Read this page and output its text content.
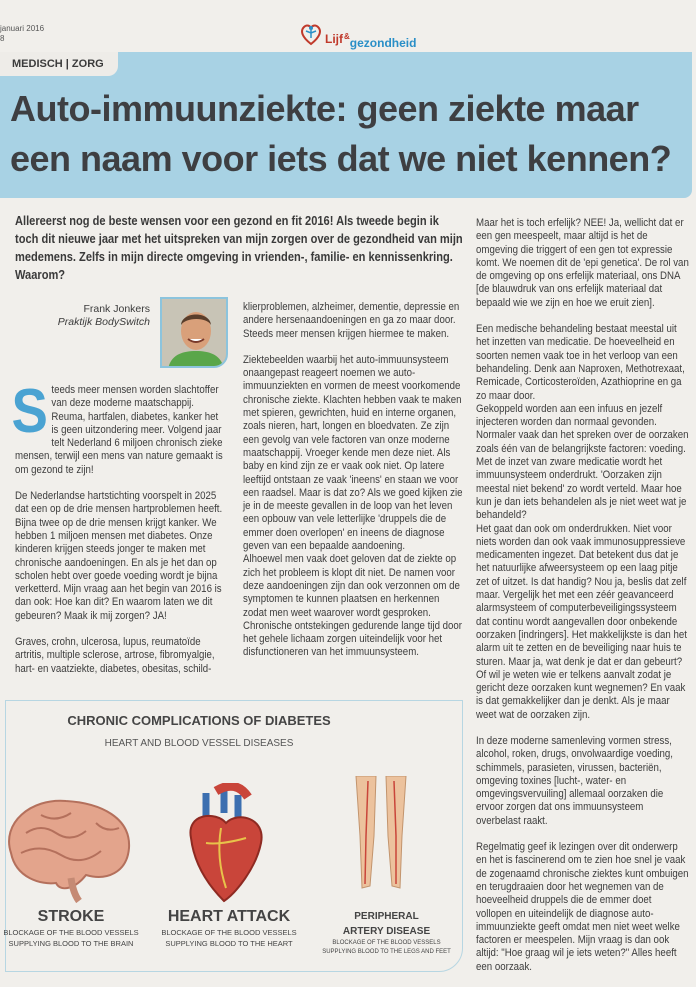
januari 2016
8	Lijf &gezondheid
MEDISCH | ZORG
Auto-immuunziekte: geen ziekte maar een naam voor iets dat we niet kennen?
Allereerst nog de beste wensen voor een gezond en fit 2016! Als tweede begin ik toch dit nieuwe jaar met het uitspreken van mijn zorgen over de gezondheid van mijn medemens. Zelfs in mijn directe omgeving in vrienden-, familie- en kennissenkring. Waarom?
Frank Jonkers
Praktijk BodySwitch

Steeds meer mensen worden slachtoffer van deze moderne maatschappij. Reuma, hartfalen, diabetes, kanker het is geen uitzondering meer. Volgend jaar telt Nederland 6 miljoen chronisch zieke mensen, terwijl een mens van nature gemaakt is om gezond te zijn!

De Nederlandse hartstichting voorspelt in 2025 dat een op de drie mensen hartproblemen heeft. Bijna twee op de drie mensen krijgt kanker. We hebben 1 miljoen mensen met diabetes. Onze kinderen krijgen steeds jonger te maken met chronische aandoeningen. En als je het dan op scholen hebt over goede voeding wordt je bijna verketterd. Mijn vraag aan het begin van 2016 is dan ook: Hoe kan dit? En waarom laten we dit gebeuren? Maak ik mij zorgen? JA!

Graves, crohn, ulcerosa, lupus, reumatoïde artritis, multiple sclerose, artrose, fibromyalgie, hart- en vaatziekte, diabetes, obesitas, schild-

klierproblemen, alzheimer, dementie, depressie en andere hersenaandoeningen en ga zo maar door. Steeds meer mensen krijgen hiermee te maken.

Ziektebeelden waarbij het auto-immuunsysteem onaangepast reageert noemen we auto-immuunziekten en vormen de meest voorkomende chronische ziekte. Klachten hebben vaak te maken met spieren, gewrichten, huid en interne organen, zoals nieren, hart, longen en bloedvaten. Ze zijn een gevolg van vele factoren van onze moderne maatschappij. Vroeger kende men deze niet. Als baby en kind zijn ze er vaak ook niet. Op latere leeftijd ontstaan ze vaak 'ineens' en staan we voor een raadsel. Maar is dat zo? Als we goed kijken zie je in de meeste gevallen in de loop van het leven een opbouw van vele letterlijke 'druppels die de emmer doen overlopen' en ineens de diagnose geven van een bepaalde aandoening.

Alhoewel men vaak doet geloven dat de ziekte op zich het probleem is klopt dit niet. De namen voor deze aandoeningen zijn dan ook verzonnen om de symptomen te kunnen plaatsen en herkennen zodat men weet waarover wordt gesproken. Chronische ontstekingen gedurende lange tijd door het gehele lichaam zorgen uiteindelijk voor het disfunctioneren van het immuunsysteem.

Maar het is toch erfelijk? NEE! Ja, wellicht dat er een gen meespeelt, maar altijd is het de omgeving die triggert of een gen tot expressie komt. We noemen dit de 'epi genetica'. De rol van de omgeving op ons erfelijk materiaal, ons DNA [de blauwdruk van ons erfelijk materiaal dat bepaald wie we zijn en hoe we eruit zien].

Een medische behandeling bestaat meestal uit het inzetten van medicatie. De hoeveelheid en soorten nemen vaak toe in het verloop van een behandeling. Denk aan Naproxen, Methotrexaat, Remicade, Corticosteroïden, Azathioprine en ga zo maar door.

Gekoppeld worden aan een infuus en jezelf injecteren worden dan normaal gevonden. Normaler vaak dan het spreken over de oorzaken zoals één van de belangrijkste factoren: voeding. Met de inzet van zware medicatie wordt het immuunsysteem onderdrukt. 'Oorzaken zijn meestal niet bekend' zo wordt verteld. Maar hoe kun je dan iets behandelen als je niet weet wat je behandeld?

Het gaat dan ook om onderdrukken. Niet voor niets worden dan ook vaak immunosuppressieve medicamenten ingezet. Dat betekent dus dat je het natuurlijke afweersysteem op een laag pitje zet of uitzet. Is dat handig? Nou ja, beslis dat zelf maar. Vergelijk het met een zéér geavanceerd alarmsysteem of computerbeveiligingssysteem dat continu wordt aangevallen door onbekende oorzaken [indringers]. Het makkelijkste is dan het alarm uit te zetten en de beveiliging naar huis te sturen. Maar ja, wat denk je dat er dan gebeurt?

Of wil je weten wie er telkens aanvalt zodat je gericht deze oorzaken kunt wegnemen? En vaak is dat gemakkelijker dan je denkt. Als je maar weet wat de oorzaken zijn.

In deze moderne samenleving vormen stress, alcohol, roken, drugs, onvolwaardige voeding, schimmels, parasieten, virussen, bacteriën, omgeving toxines [lucht-, water- en omgevingsvervuiling] allemaal oorzaken die ervoor zorgen dat ons immuunsysteem overbelast raakt.

Regelmatig geef ik lezingen over dit onderwerp en het is fascinerend om te zien hoe snel je vaak de zogenaamd chronische ziektes kunt ombuigen en terugdraaien door het wegnemen van de hoeveelheid druppels die de emmer doet vollopen en uiteindelijk de diagnose auto-immuunziekte geeft omdat men niet weet welke factoren er meespelen. Mijn vraag is dan ook altijd: "Hoe graag wil je iets weten?" Alles heeft een oorzaak.

CHRONIC COMPLICATIONS OF DIABETES
HEART AND BLOOD VESSEL DISEASES
STROKE
BLOCKAGE OF THE BLOOD VESSELS
SUPPLYING BLOOD TO THE BRAIN
HEART ATTACK
BLOCKAGE OF THE BLOOD VESSELS
SUPPLYING BLOOD TO THE HEART
PERIPHERAL
ARTERY DISEASE
BLOCKAGE OF THE BLOOD VESSELS
SUPPLYING BLOOD TO THE LEGS AND FEET
